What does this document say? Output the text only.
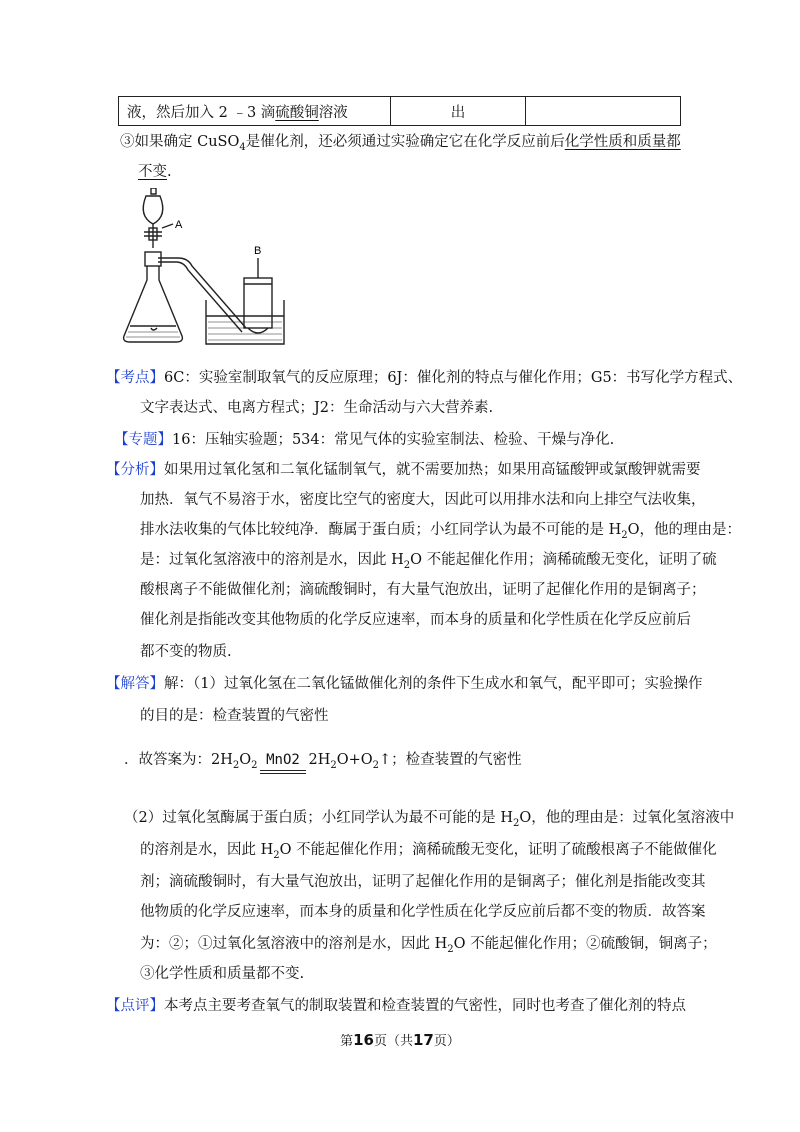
液，然后加入 2 ﹣3 滴硫酸铜溶液	出	
③如果确定 CuSO$_4$是催化剂，还必须通过实验确定它在化学反应前后化学性质和质量都
不变.
A
B
【考点】6C：实验室制取氧气的反应原理；6J：催化剂的特点与催化作用；G5：书写化学方程式、
文字表达式、电离方程式；J2：生命活动与六大营养素.
【专题】16：压轴实验题；534：常见气体的实验室制法、检验、干燥与净化.
【分析】如果用过氧化氢和二氧化锰制氧气，就不需要加热；如果用高锰酸钾或氯酸钾就需要
加热．氧气不易溶于水，密度比空气的密度大，因此可以用排水法和向上排空气法收集，
排水法收集的气体比较纯净．酶属于蛋白质；小红同学认为最不可能的是 $H_2O$，他的理由是：
是：过氧化氢溶液中的溶剂是水，因此 $H_2O$ 不能起催化作用；滴稀硫酸无变化，证明了硫
酸根离子不能做催化剂；滴硫酸铜时，有大量气泡放出，证明了起催化作用的是铜离子；
催化剂是指能改变其他物质的化学反应速率，而本身的质量和化学性质在化学反应前后
都不变的物质.
【解答】解：（1）过氧化氢在二氧化锰做催化剂的条件下生成水和氧气，配平即可；实验操作
的目的是：检查装置的气密性
．故答案为：$2H_2O_2$ MnO2 $2H_2O+O_2↑$；检查装置的气密性
（2）过氧化氢酶属于蛋白质；小红同学认为最不可能的是 $H_2O$，他的理由是：过氧化氢溶液中
的溶剂是水，因此 $H_2O$ 不能起催化作用；滴稀硫酸无变化，证明了硫酸根离子不能做催化
剂；滴硫酸铜时，有大量气泡放出，证明了起催化作用的是铜离子；催化剂是指能改变其
他物质的化学反应速率，而本身的质量和化学性质在化学反应前后都不变的物质．故答案
为：②；①过氧化氢溶液中的溶剂是水，因此 $H_2O$ 不能起催化作用；②硫酸铜，铜离子；
③化学性质和质量都不变.
【点评】本考点主要考查氧气的制取装置和检查装置的气密性，同时也考查了催化剂的特点
第16页（共17页）
